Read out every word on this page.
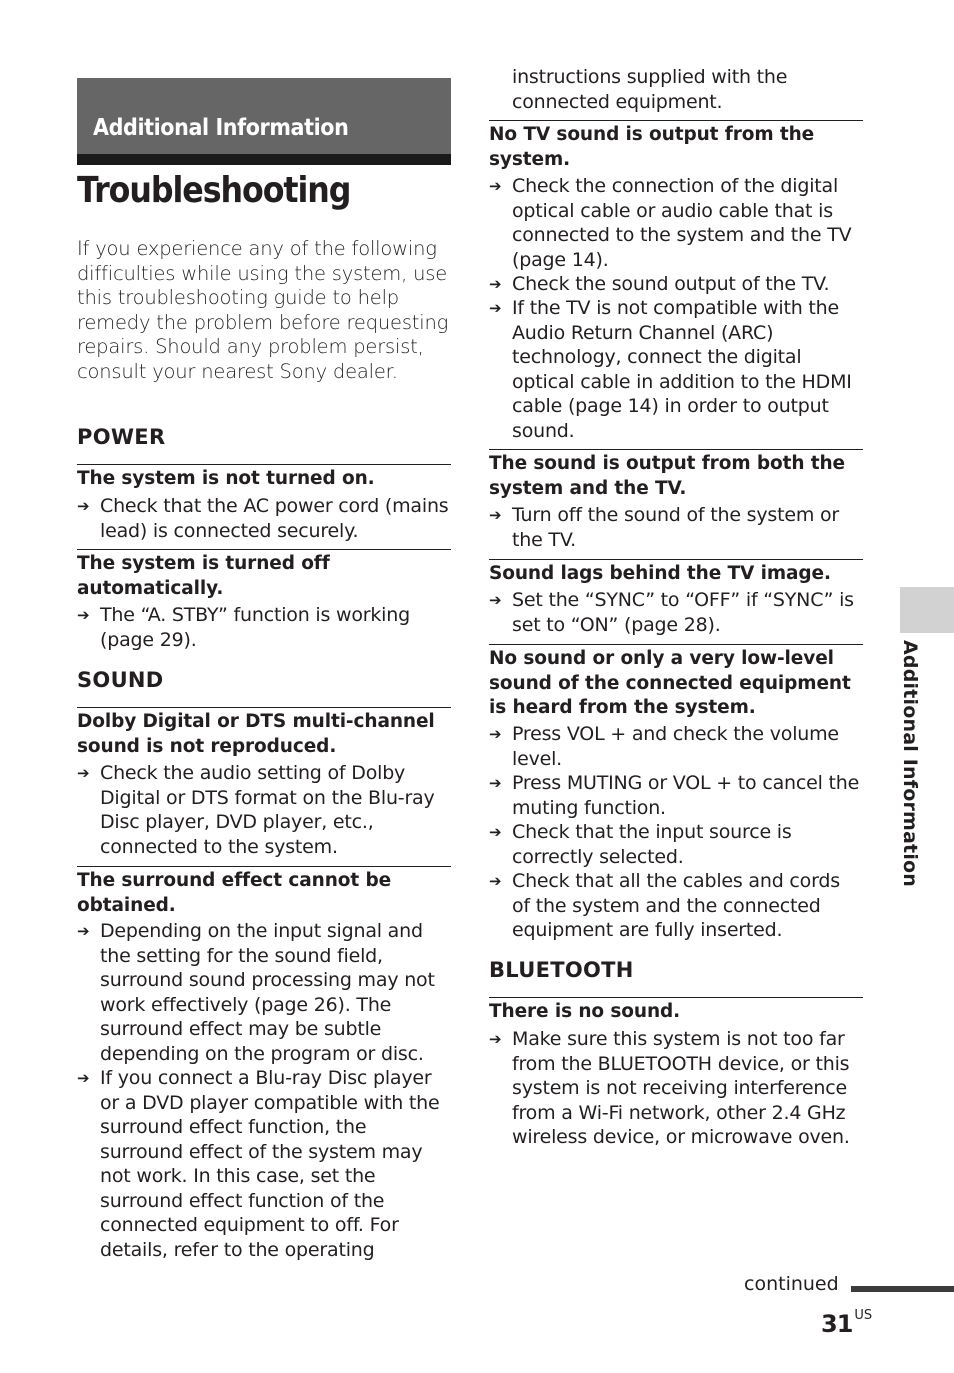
Additional Information
Troubleshooting

If you experience any of the following difficulties while using the system, use this troubleshooting guide to help remedy the problem before requesting repairs. Should any problem persist, consult your nearest Sony dealer.

POWER
The system is not turned on.
➔ Check that the AC power cord (mains lead) is connected securely.
The system is turned off automatically.
➔ The “A. STBY” function is working (page 29).
SOUND
Dolby Digital or DTS multi-channel sound is not reproduced.
➔ Check the audio setting of Dolby Digital or DTS format on the Blu-ray Disc player, DVD player, etc., connected to the system.
The surround effect cannot be obtained.
➔ Depending on the input signal and the setting for the sound field, surround sound processing may not work effectively (page 26). The surround effect may be subtle depending on the program or disc.
➔ If you connect a Blu-ray Disc player or a DVD player compatible with the surround effect function, the surround effect of the system may not work. In this case, set the surround effect function of the connected equipment to off. For details, refer to the operating
instructions supplied with the connected equipment.
No TV sound is output from the system.
➔ Check the connection of the digital optical cable or audio cable that is connected to the system and the TV (page 14).
➔ Check the sound output of the TV.
➔ If the TV is not compatible with the Audio Return Channel (ARC) technology, connect the digital optical cable in addition to the HDMI cable (page 14) in order to output sound.
The sound is output from both the system and the TV.
➔ Turn off the sound of the system or the TV.
Sound lags behind the TV image.
➔ Set the “SYNC” to “OFF” if “SYNC” is set to “ON” (page 28).
No sound or only a very low-level sound of the connected equipment is heard from the system.
➔ Press VOL + and check the volume level.
➔ Press MUTING or VOL + to cancel the muting function.
➔ Check that the input source is correctly selected.
➔ Check that all the cables and cords of the system and the connected equipment are fully inserted.
BLUETOOTH
There is no sound.
➔ Make sure this system is not too far from the BLUETOOTH device, or this system is not receiving interference from a Wi-Fi network, other 2.4 GHz wireless device, or microwave oven.
Additional Information
continued
31 $^{US}$
